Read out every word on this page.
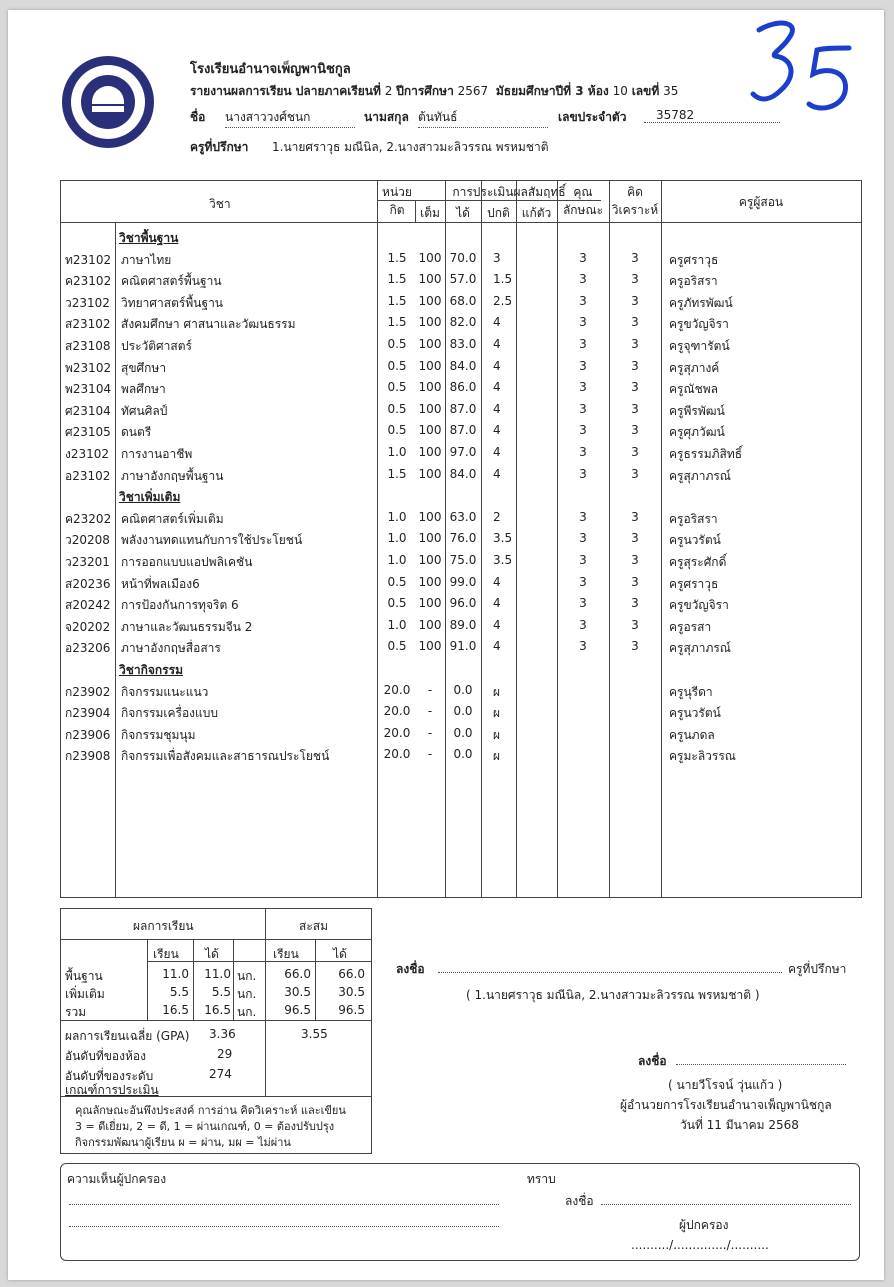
โรงเรียนอำนาจเพ็ญพานิชกูล
รายงานผลการเรียน ปลายภาคเรียนที่ 2 ปีการศึกษา 2567 มัธยมศึกษาปีที่ 3 ห้อง 10 เลขที่ 35
ชื่อ นางสาววงศ์ชนก	นามสกุล ต้นทันธ์	เลขประจำตัว	35782
ครูที่ปรึกษา 1.นายศราวุธ มณีนิล, 2.นางสาวมะลิวรรณ พรหมชาติ
วิชา
หน่วย
กิต
การประเมินผลสัมฤทธิ์
เต็ม	ได้	ปกติ แก้ตัว
คุณ
ลักษณะ
คิด
วิเคราะห์
ครูผู้สอน
วิชาพื้นฐาน
ท23102 ภาษาไทย	1.5	100 70.0	3	3	3	ครูศราวุธ
ค23102 คณิตศาสตร์พื้นฐาน	1.5	100 57.0	1.5	3	3	ครูอริสรา
ว23102 วิทยาศาสตร์พื้นฐาน	1.5	100 68.0	2.5	3	3	ครูภัทรพัฒน์
ส23102 สังคมศึกษา ศาสนาและวัฒนธรรม	1.5	100 82.0	4	3	3	ครูขวัญจิรา
ส23108 ประวัติศาสตร์	0.5	100 83.0	4	3	3	ครูจุฑารัตน์
พ23102 สุขศึกษา	0.5	100 84.0	4	3	3	ครูสุภางค์
พ23104 พลศึกษา	0.5	100 86.0	4	3	3	ครูณัชพล
ศ23104 ทัศนศิลป์	0.5	100 87.0	4	3	3	ครูพีรพัฒน์
ศ23105 ดนตรี	0.5	100 87.0	4	3	3	ครูศุภวัฒน์
ง23102 การงานอาชีพ	1.0	100 97.0	4	3	3	ครูธรรมภิสิทธิ์
อ23102 ภาษาอังกฤษพื้นฐาน	1.5	100 84.0	4	3	3	ครูสุภาภรณ์
วิชาเพิ่มเติม
ค23202 คณิตศาสตร์เพิ่มเติม	1.0	100 63.0	2	3	3	ครูอริสรา
ว20208 พลังงานทดแทนกับการใช้ประโยชน์	1.0	100 76.0	3.5	3	3	ครูนวรัตน์
ว23201 การออกแบบแอปพลิเคชัน	1.0	100 75.0	3.5	3	3	ครูสุระศักดิ์
ส20236 หน้าที่พลเมือง6	0.5	100 99.0	4	3	3	ครูศราวุธ
ส20242 การป้องกันการทุจริต 6	0.5	100 96.0	4	3	3	ครูขวัญจิรา
จ20202 ภาษาและวัฒนธรรมจีน 2	1.0	100 89.0	4	3	3	ครูอรสา
อ23206 ภาษาอังกฤษสื่อสาร	0.5	100 91.0	4	3	3	ครูสุภาภรณ์
วิชากิจกรรม
ก23902 กิจกรรมแนะแนว	20.0	-	0.0	ผ	ครูนุรีดา
ก23904 กิจกรรมเครื่องแบบ	20.0	-	0.0	ผ	ครูนวรัตน์
ก23906 กิจกรรมชุมนุม	20.0	-	0.0	ผ	ครูนภดล
ก23908 กิจกรรมเพื่อสังคมและสาธารณประโยชน์	20.0	-	0.0	ผ	ครูมะลิวรรณ
ผลการเรียน	สะสม
เรียน ได้	เรียน	ได้
พื้นฐาน	11.0	11.0 นก.	66.0	66.0
เพิ่มเติม	5.5	5.5 นก.	30.5	30.5
รวม	16.5	16.5 นก.	96.5	96.5
ผลการเรียนเฉลี่ย (GPA) 3.36	3.55
อันดับที่ของห้อง	29
อันดับที่ของระดับ	274
เกณฑ์การประเมิน
คุณลักษณะอันพึงประสงค์ การอ่าน คิดวิเคราะห์ และเขียน
3 = ดีเยี่ยม, 2 = ดี, 1 = ผ่านเกณฑ์, 0 = ต้องปรับปรุง
กิจกรรมพัฒนาผู้เรียน ผ = ผ่าน, มผ = ไม่ผ่าน
ลงชื่อ	ครูที่ปรึกษา
( 1.นายศราวุธ มณีนิล, 2.นางสาวมะลิวรรณ พรหมชาติ )
ลงชื่อ
( นายวีโรจน์ วุ่นแก้ว )
ผู้อำนวยการโรงเรียนอำนาจเพ็ญพานิชกูล
วันที่ 11 มีนาคม 2568
ความเห็นผู้ปกครอง	ทราบ
ลงชื่อ
ผู้ปกครอง
........../............../..........
